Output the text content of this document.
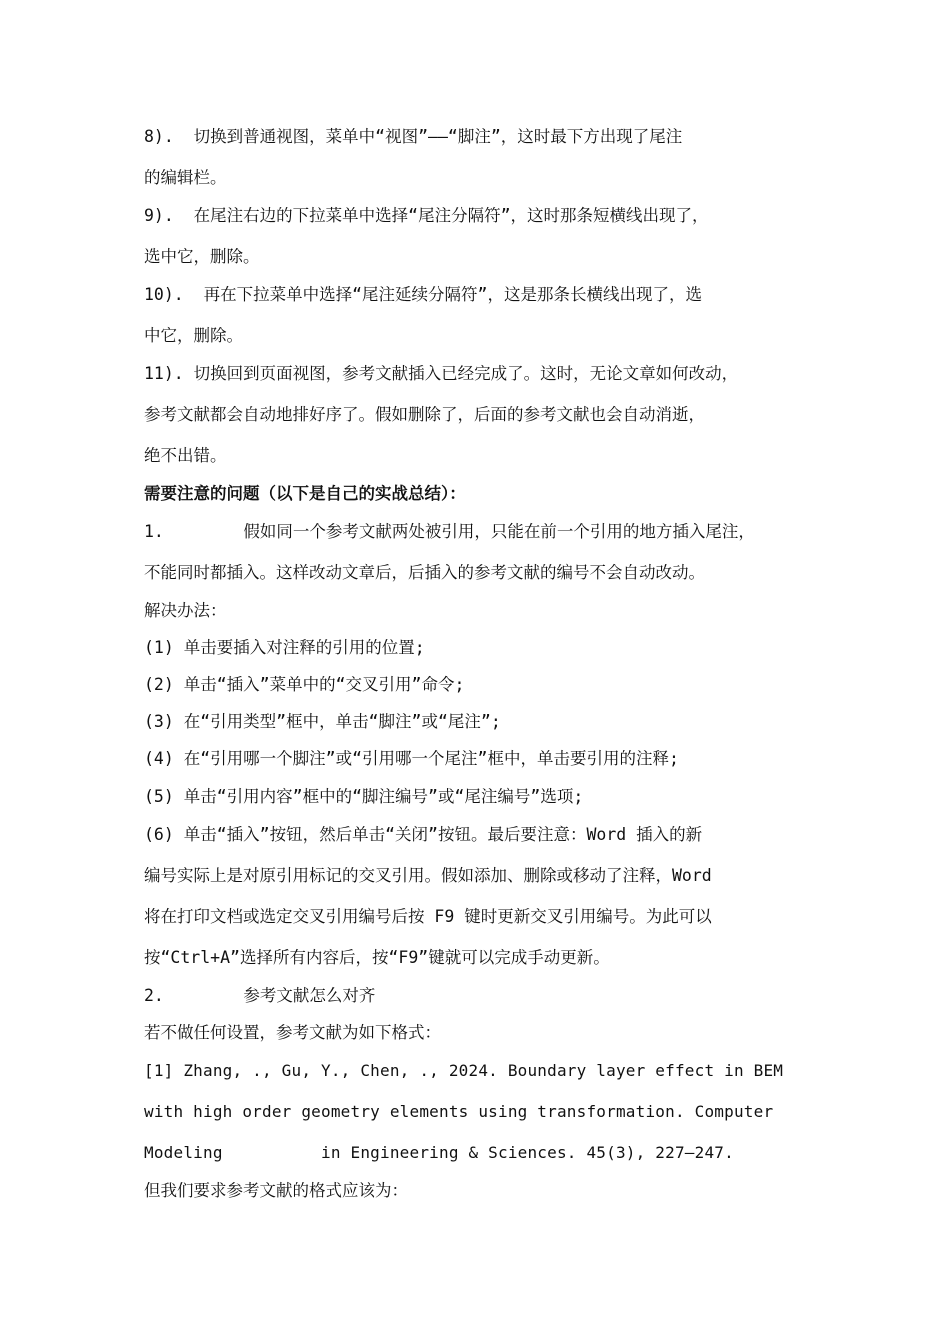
8).  切换到普通视图，菜单中“视图”——“脚注”，这时最下方出现了尾注
的编辑栏。
9).  在尾注右边的下拉菜单中选择“尾注分隔符”，这时那条短横线出现了，
选中它，删除。
10).  再在下拉菜单中选择“尾注延续分隔符”，这是那条长横线出现了，选
中它，删除。
11). 切换回到页面视图，参考文献插入已经完成了。这时，无论文章如何改动，
参考文献都会自动地排好序了。假如删除了，后面的参考文献也会自动消逝，
绝不出错。
需要注意的问题（以下是自己的实战总结）：
1.        假如同一个参考文献两处被引用，只能在前一个引用的地方插入尾注，
不能同时都插入。这样改动文章后，后插入的参考文献的编号不会自动改动。
解决办法：
(1) 单击要插入对注释的引用的位置;
(2) 单击“插入”菜单中的“交叉引用”命令;
(3) 在“引用类型”框中，单击“脚注”或“尾注”;
(4) 在“引用哪一个脚注”或“引用哪一个尾注”框中，单击要引用的注释;
(5) 单击“引用内容”框中的“脚注编号”或“尾注编号”选项;
(6) 单击“插入”按钮，然后单击“关闭”按钮。最后要注意：Word 插入的新
编号实际上是对原引用标记的交叉引用。假如添加、删除或移动了注释，Word
将在打印文档或选定交叉引用编号后按 F9 键时更新交叉引用编号。为此可以
按“Ctrl+A”选择所有内容后，按“F9”键就可以完成手动更新。
2.        参考文献怎么对齐
若不做任何设置，参考文献为如下格式：
[1] Zhang, ., Gu, Y., Chen, ., 2024. Boundary layer effect in BEM
with high order geometry elements using transformation. Computer
Modeling          in Engineering & Sciences. 45(3), 227–247.
但我们要求参考文献的格式应该为：
